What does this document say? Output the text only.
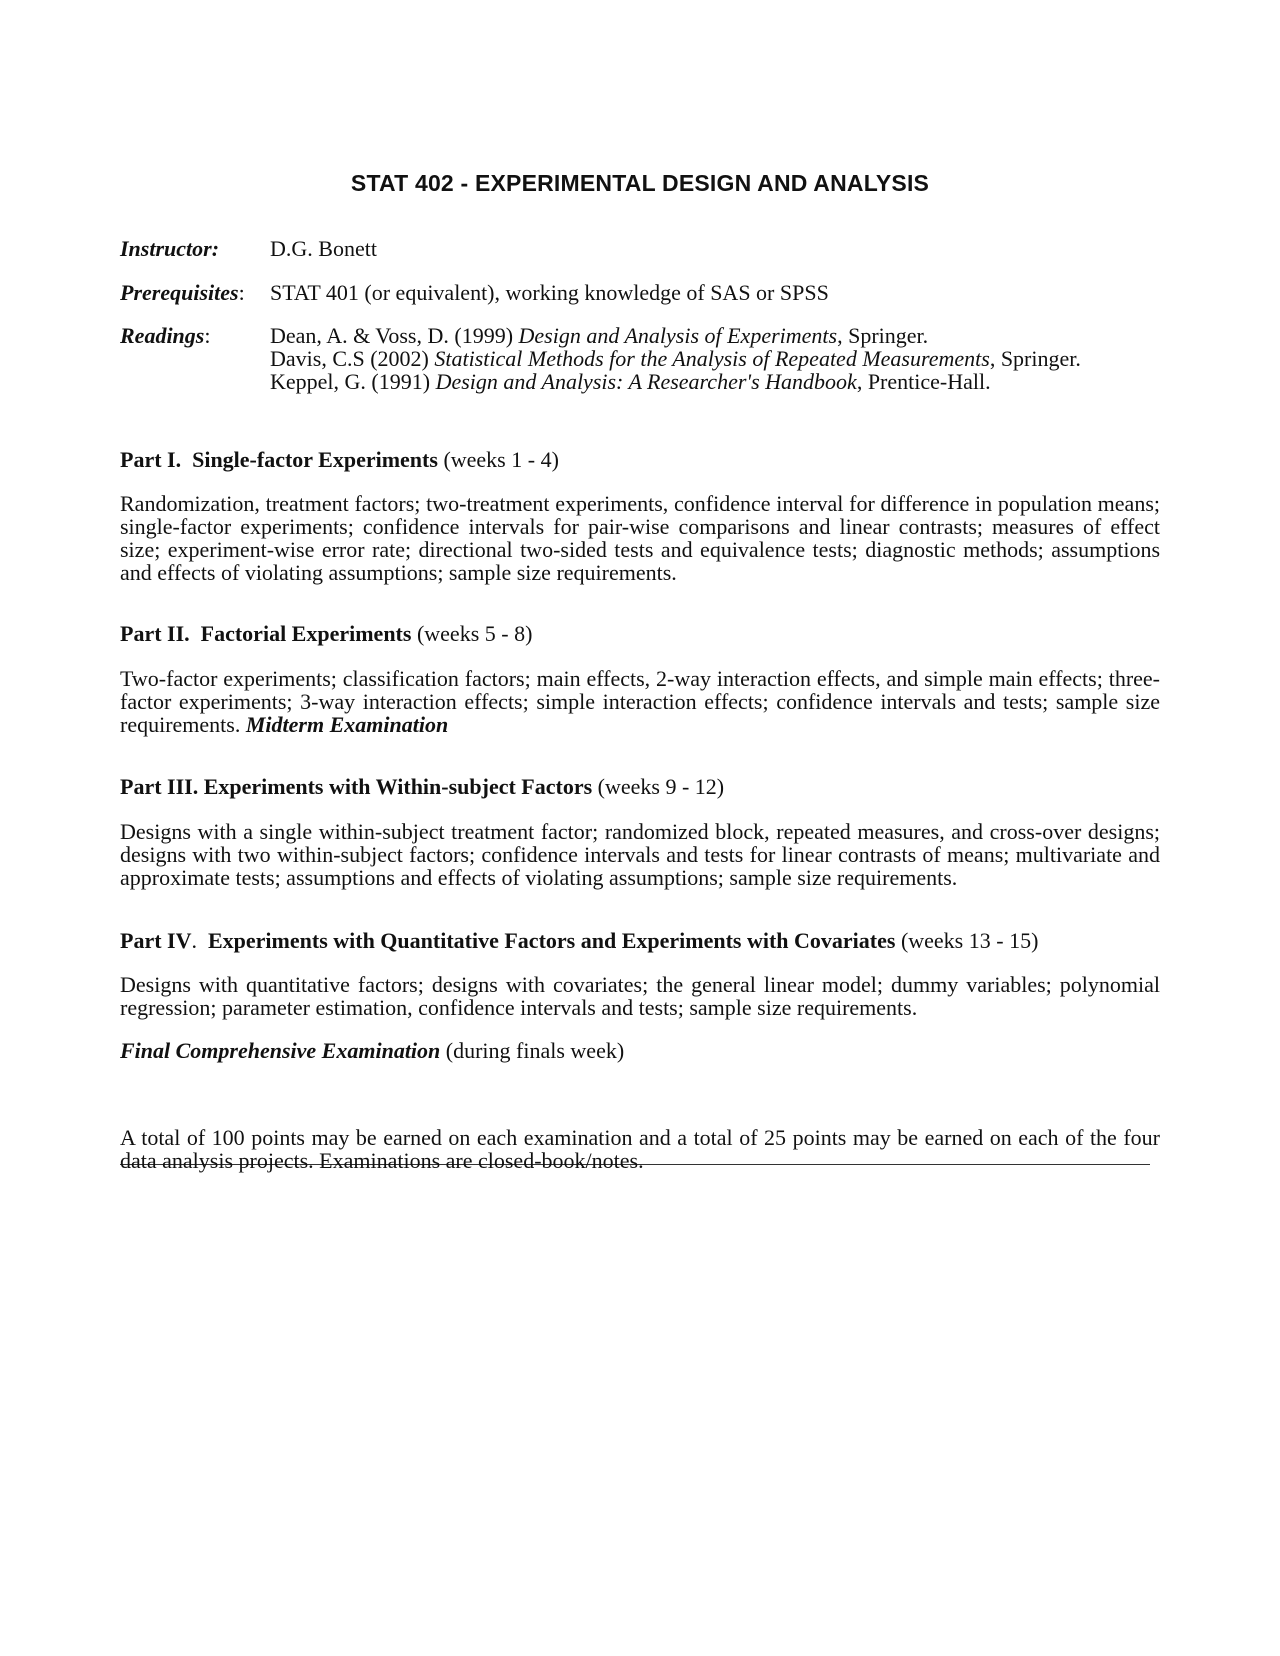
STAT 402 - EXPERIMENTAL DESIGN AND ANALYSIS
Instructor: D.G. Bonett
Prerequisites: STAT 401 (or equivalent), working knowledge of SAS or SPSS
Readings:	Dean, A. & Voss, D. (1999) Design and Analysis of Experiments, Springer.
Davis, C.S (2002) Statistical Methods for the Analysis of Repeated Measurements, Springer.
Keppel, G. (1991) Design and Analysis: A Researcher's Handbook, Prentice-Hall.
Part I. Single-factor Experiments (weeks 1 - 4)
Randomization, treatment factors; two-treatment experiments, confidence interval for difference in population means; single-factor experiments; confidence intervals for pair-wise comparisons and linear contrasts; measures of effect size; experiment-wise error rate; directional two-sided tests and equivalence tests; diagnostic methods; assumptions and effects of violating assumptions; sample size requirements.
Part II. Factorial Experiments (weeks 5 - 8)
Two-factor experiments; classification factors; main effects, 2-way interaction effects, and simple main effects; three-factor experiments; 3-way interaction effects; simple interaction effects; confidence intervals and tests; sample size requirements. Midterm Examination
Part III. Experiments with Within-subject Factors (weeks 9 - 12)
Designs with a single within-subject treatment factor; randomized block, repeated measures, and cross-over designs; designs with two within-subject factors; confidence intervals and tests for linear contrasts of means; multivariate and approximate tests; assumptions and effects of violating assumptions; sample size requirements.
Part IV. Experiments with Quantitative Factors and Experiments with Covariates (weeks 13 - 15)
Designs with quantitative factors; designs with covariates; the general linear model; dummy variables; polynomial regression; parameter estimation, confidence intervals and tests; sample size requirements.
Final Comprehensive Examination (during finals week)
A total of 100 points may be earned on each examination and a total of 25 points may be earned on each of the four data analysis projects. Examinations are closed-book/notes.
